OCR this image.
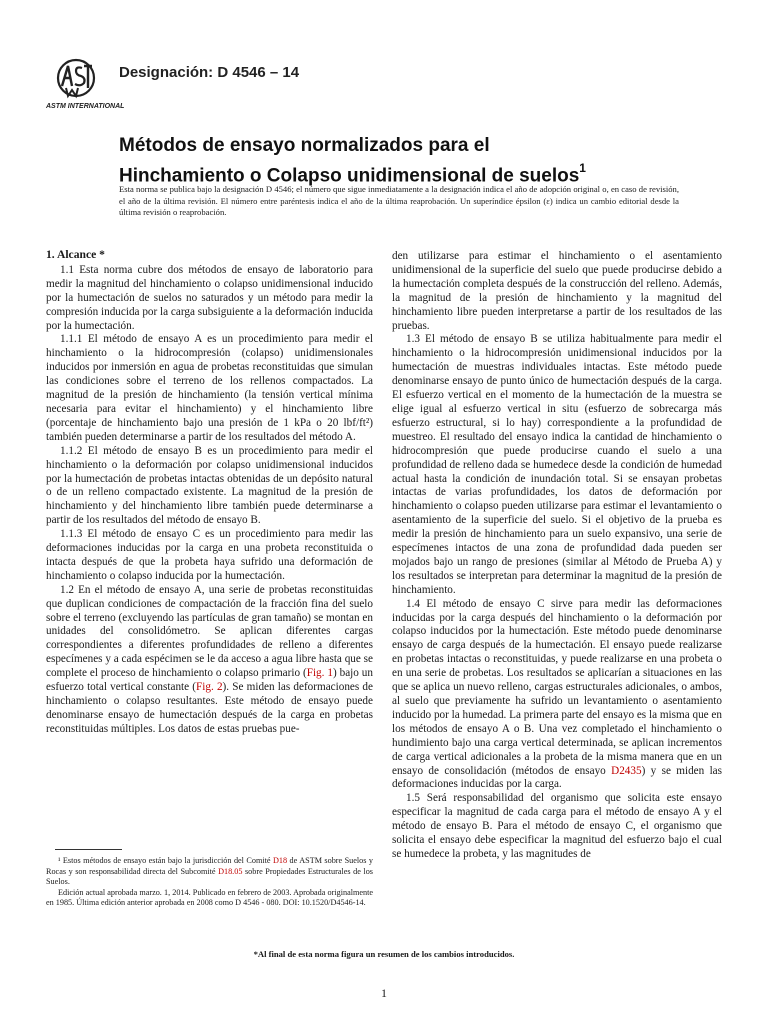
ASTM INTERNATIONAL
Designación: D 4546 – 14
Métodos de ensayo normalizados para el
Hinchamiento o Colapso unidimensional de suelos$^1$
Esta norma se publica bajo la designación D 4546; el número que sigue inmediatamente a la designación indica el año de adopción original o, en caso de revisión, el año de la última revisión. El número entre paréntesis indica el año de la última reaprobación. Un superíndice épsilon (ε) indica un cambio editorial desde la última revisión o reaprobación.
1. Alcance *

1.1 Esta norma cubre dos métodos de ensayo de laboratorio para medir la magnitud del hinchamiento o colapso unidimensional inducido por la humectación de suelos no saturados y un método para medir la compresión inducida por la carga subsiguiente a la deformación inducida por la humectación.

1.1.1 El método de ensayo A es un procedimiento para medir el hinchamiento o la hidrocompresión (colapso) unidimensionales inducidos por inmersión en agua de probetas reconstituidas que simulan las condiciones sobre el terreno de los rellenos compactados. La magnitud de la presión de hinchamiento (la tensión vertical mínima necesaria para evitar el hinchamiento) y el hinchamiento libre (porcentaje de hinchamiento bajo una presión de 1 kPa o 20 lbf/ft²) también pueden determinarse a partir de los resultados del método A.

1.1.2 El método de ensayo B es un procedimiento para medir el hinchamiento o la deformación por colapso unidimensional inducidos por la humectación de probetas intactas obtenidas de un depósito natural o de un relleno compactado existente. La magnitud de la presión de hinchamiento y del hinchamiento libre también puede determinarse a partir de los resultados del método de ensayo B.

1.1.3 El método de ensayo C es un procedimiento para medir las deformaciones inducidas por la carga en una probeta reconstituida o intacta después de que la probeta haya sufrido una deformación de hinchamiento o colapso inducida por la humectación.

1.2 En el método de ensayo A, una serie de probetas reconstituidas que duplican condiciones de compactación de la fracción fina del suelo sobre el terreno (excluyendo las partículas de gran tamaño) se montan en unidades del consolidómetro. Se aplican diferentes cargas correspondientes a diferentes profundidades de relleno a diferentes especímenes y a cada espécimen se le da acceso a agua libre hasta que se complete el proceso de hinchamiento o colapso primario (Fig. 1) bajo un esfuerzo total vertical constante (Fig. 2). Se miden las deformaciones de hinchamiento o colapso resultantes. Este método de ensayo puede denominarse ensayo de humectación después de la carga en probetas reconstituidas múltiples. Los datos de estas pruebas pue-

den utilizarse para estimar el hinchamiento o el asentamiento unidimensional de la superficie del suelo que puede producirse debido a la humectación completa después de la construcción del relleno. Además, la magnitud de la presión de hinchamiento y la magnitud del hinchamiento libre pueden interpretarse a partir de los resultados de las pruebas.

1.3 El método de ensayo B se utiliza habitualmente para medir el hinchamiento o la hidrocompresión unidimensional inducidos por la humectación de muestras individuales intactas. Este método puede denominarse ensayo de punto único de humectación después de la carga. El esfuerzo vertical en el momento de la humectación de la muestra se elige igual al esfuerzo vertical in situ (esfuerzo de sobrecarga más esfuerzo estructural, si lo hay) correspondiente a la profundidad de muestreo. El resultado del ensayo indica la cantidad de hinchamiento o hidrocompresión que puede producirse cuando el suelo a una profundidad de relleno dada se humedece desde la condición de humedad actual hasta la condición de inundación total. Si se ensayan probetas intactas de varias profundidades, los datos de deformación por hinchamiento o colapso pueden utilizarse para estimar el levantamiento o asentamiento de la superficie del suelo. Si el objetivo de la prueba es medir la presión de hinchamiento para un suelo expansivo, una serie de especímenes intactos de una zona de profundidad dada pueden ser mojados bajo un rango de presiones (similar al Método de Prueba A) y los resultados se interpretan para determinar la magnitud de la presión de hinchamiento.

1.4 El método de ensayo C sirve para medir las deformaciones inducidas por la carga después del hinchamiento o la deformación por colapso inducidos por la humectación. Este método puede denominarse ensayo de carga después de la humectación. El ensayo puede realizarse en probetas intactas o reconstituidas, y puede realizarse en una probeta o en una serie de probetas. Los resultados se aplicarían a situaciones en las que se aplica un nuevo relleno, cargas estructurales adicionales, o ambos, al suelo que previamente ha sufrido un levantamiento o asentamiento inducido por la humedad. La primera parte del ensayo es la misma que en los métodos de ensayo A o B. Una vez completado el hinchamiento o hundimiento bajo una carga vertical determinada, se aplican incrementos de carga vertical adicionales a la probeta de la misma manera que en un ensayo de consolidación (métodos de ensayo D2435) y se miden las deformaciones inducidas por la carga.

1.5 Será responsabilidad del organismo que solicita este ensayo especificar la magnitud de cada carga para el método de ensayo A y el método de ensayo B. Para el método de ensayo C, el organismo que solicita el ensayo debe especificar la magnitud del esfuerzo bajo el cual se humedece la probeta, y las magnitudes de

¹ Estos métodos de ensayo están bajo la jurisdicción del Comité D18 de ASTM sobre Suelos y Rocas y son responsabilidad directa del Subcomité D18.05 sobre Propiedades Estructurales de los Suelos.

Edición actual aprobada marzo. 1, 2014. Publicado en febrero de 2003. Aprobada originalmente en 1985. Última edición anterior aprobada en 2008 como D 4546 - 080. DOI: 10.1520/D4546-14.

*Al final de esta norma figura un resumen de los cambios introducidos.
1
